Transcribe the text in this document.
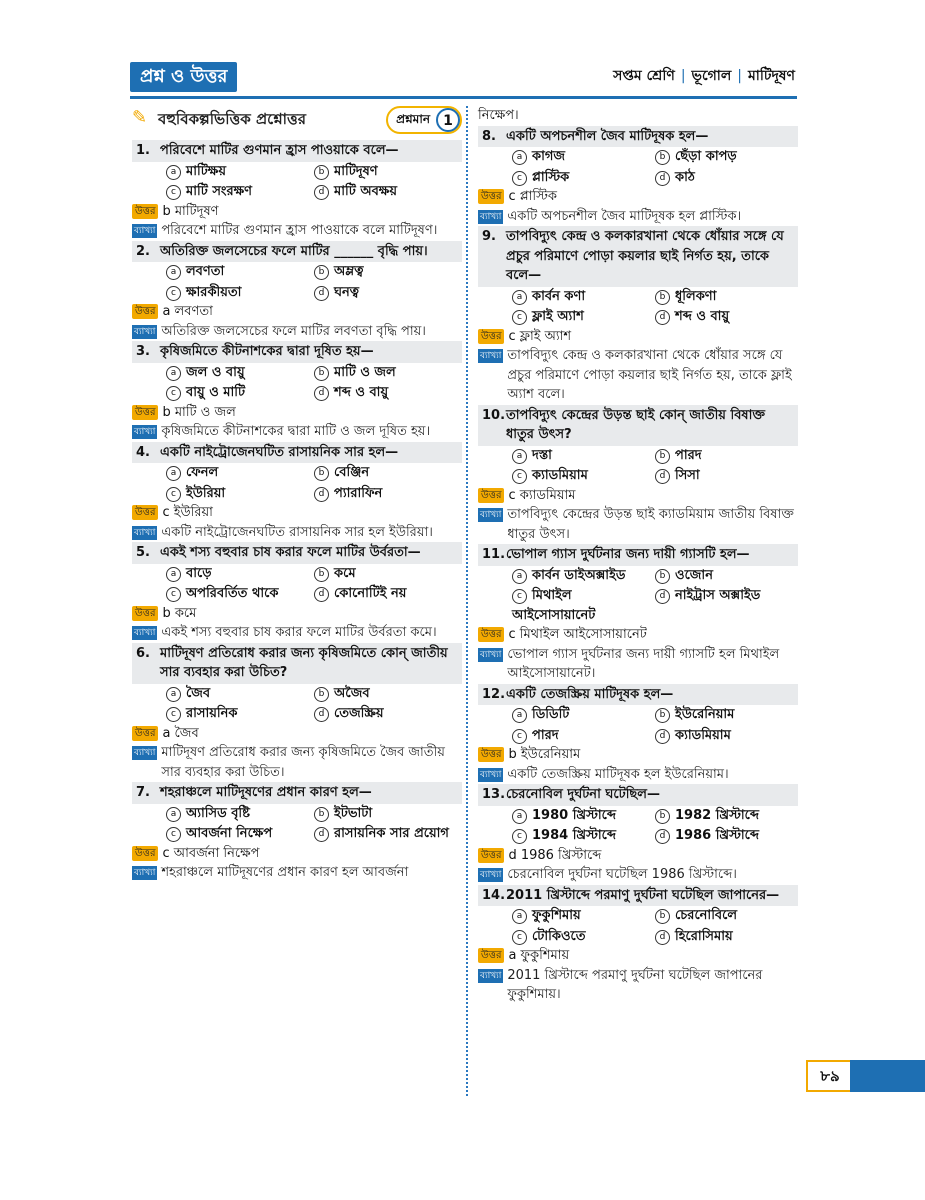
প্রশ্ন ও উত্তর	সপ্তম শ্রেণি | ভূগোল | মাটিদূষণ
✎ বহুবিকল্পভিত্তিক প্রশ্নোত্তর	প্রশ্নমান 1
1. পরিবেশে মাটির গুণমান হ্রাস পাওয়াকে বলে—
a মাটিক্ষয়	b মাটিদূষণ
c মাটি সংরক্ষণ	d মাটি অবক্ষয়
উত্তর b মাটিদূষণ
ব্যাখ্যা পরিবেশে মাটির গুণমান হ্রাস পাওয়াকে বলে মাটিদূষণ।
2. অতিরিক্ত জলসেচের ফলে মাটির ______ বৃদ্ধি পায়।
a লবণতা	b অম্লত্ব
c ক্ষারকীয়তা	d ঘনত্ব
উত্তর a লবণতা
ব্যাখ্যা অতিরিক্ত জলসেচের ফলে মাটির লবণতা বৃদ্ধি পায়।
3. কৃষিজমিতে কীটনাশকের দ্বারা দূষিত হয়—
a জল ও বায়ু	b মাটি ও জল
c বায়ু ও মাটি	d শব্দ ও বায়ু
উত্তর b মাটি ও জল
ব্যাখ্যা কৃষিজমিতে কীটনাশকের দ্বারা মাটি ও জল দূষিত হয়।
4. একটি নাইট্রোজেনঘটিত রাসায়নিক সার হল—
a ফেনল	b বেঞ্জিন
c ইউরিয়া	d প্যারাফিন
উত্তর c ইউরিয়া
ব্যাখ্যা একটি নাইট্রোজেনঘটিত রাসায়নিক সার হল ইউরিয়া।
5. একই শস্য বহুবার চাষ করার ফলে মাটির উর্বরতা—
a বাড়ে	b কমে
c অপরিবর্তিত থাকে	d কোনোটিই নয়
উত্তর b কমে
ব্যাখ্যা একই শস্য বহুবার চাষ করার ফলে মাটির উর্বরতা কমে।
6. মাটিদূষণ প্রতিরোধ করার জন্য কৃষিজমিতে কোন্ জাতীয় সার ব্যবহার করা উচিত?
a জৈব	b অজৈব
c রাসায়নিক	d তেজস্ক্রিয়
উত্তর a জৈব
ব্যাখ্যা মাটিদূষণ প্রতিরোধ করার জন্য কৃষিজমিতে জৈব জাতীয় সার ব্যবহার করা উচিত।
7. শহরাঞ্চলে মাটিদূষণের প্রধান কারণ হল—
a অ্যাসিড বৃষ্টি	b ইটভাটা
c আবর্জনা নিক্ষেপ	d রাসায়নিক সার প্রয়োগ
উত্তর c আবর্জনা নিক্ষেপ
ব্যাখ্যা শহরাঞ্চলে মাটিদূষণের প্রধান কারণ হল আবর্জনা
নিক্ষেপ।
8. একটি অপচনশীল জৈব মাটিদূষক হল—
a কাগজ	b ছেঁড়া কাপড়
c প্লাস্টিক	d কাঠ
উত্তর c প্লাস্টিক
ব্যাখ্যা একটি অপচনশীল জৈব মাটিদূষক হল প্লাস্টিক।
9. তাপবিদ্যুৎ কেন্দ্র ও কলকারখানা থেকে ধোঁয়ার সঙ্গে যে প্রচুর পরিমাণে পোড়া কয়লার ছাই নির্গত হয়, তাকে বলে—
a কার্বন কণা	b ধূলিকণা
c ফ্লাই অ্যাশ	d শব্দ ও বায়ু
উত্তর c ফ্লাই অ্যাশ
ব্যাখ্যা তাপবিদ্যুৎ কেন্দ্র ও কলকারখানা থেকে ধোঁয়ার সঙ্গে যে প্রচুর পরিমাণে পোড়া কয়লার ছাই নির্গত হয়, তাকে ফ্লাই অ্যাশ বলে।
10. তাপবিদ্যুৎ কেন্দ্রের উড়ন্ত ছাই কোন্ জাতীয় বিষাক্ত ধাতুর উৎস?
a দস্তা	b পারদ
c ক্যাডমিয়াম	d সিসা
উত্তর c ক্যাডমিয়াম
ব্যাখ্যা তাপবিদ্যুৎ কেন্দ্রের উড়ন্ত ছাই ক্যাডমিয়াম জাতীয় বিষাক্ত ধাতুর উৎস।
11. ভোপাল গ্যাস দুর্ঘটনার জন্য দায়ী গ্যাসটি হল—
a কার্বন ডাইঅক্সাইড	b ওজোন
c মিথাইল আইসোসায়ানেট
d নাইট্রাস অক্সাইড
উত্তর c মিথাইল আইসোসায়ানেট
ব্যাখ্যা ভোপাল গ্যাস দুর্ঘটনার জন্য দায়ী গ্যাসটি হল মিথাইল আইসোসায়ানেট।
12. একটি তেজস্ক্রিয় মাটিদূষক হল—
a ডিডিটি	b ইউরেনিয়াম
c পারদ	d ক্যাডমিয়াম
উত্তর b ইউরেনিয়াম
ব্যাখ্যা একটি তেজস্ক্রিয় মাটিদূষক হল ইউরেনিয়াম।
13. চেরনোবিল দুর্ঘটনা ঘটেছিল—
a 1980 খ্রিস্টাব্দে	b 1982 খ্রিস্টাব্দে
c 1984 খ্রিস্টাব্দে	d 1986 খ্রিস্টাব্দে
উত্তর d 1986 খ্রিস্টাব্দে
ব্যাখ্যা চেরনোবিল দুর্ঘটনা ঘটেছিল 1986 খ্রিস্টাব্দে।
14. 2011 খ্রিস্টাব্দে পরমাণু দুর্ঘটনা ঘটেছিল জাপানের—
a ফুকুশিমায়	b চেরনোবিলে
c টোকিওতে	d হিরোসিমায়
উত্তর a ফুকুশিমায়
ব্যাখ্যা 2011 খ্রিস্টাব্দে পরমাণু দুর্ঘটনা ঘটেছিল জাপানের ফুকুশিমায়।
৮৯
